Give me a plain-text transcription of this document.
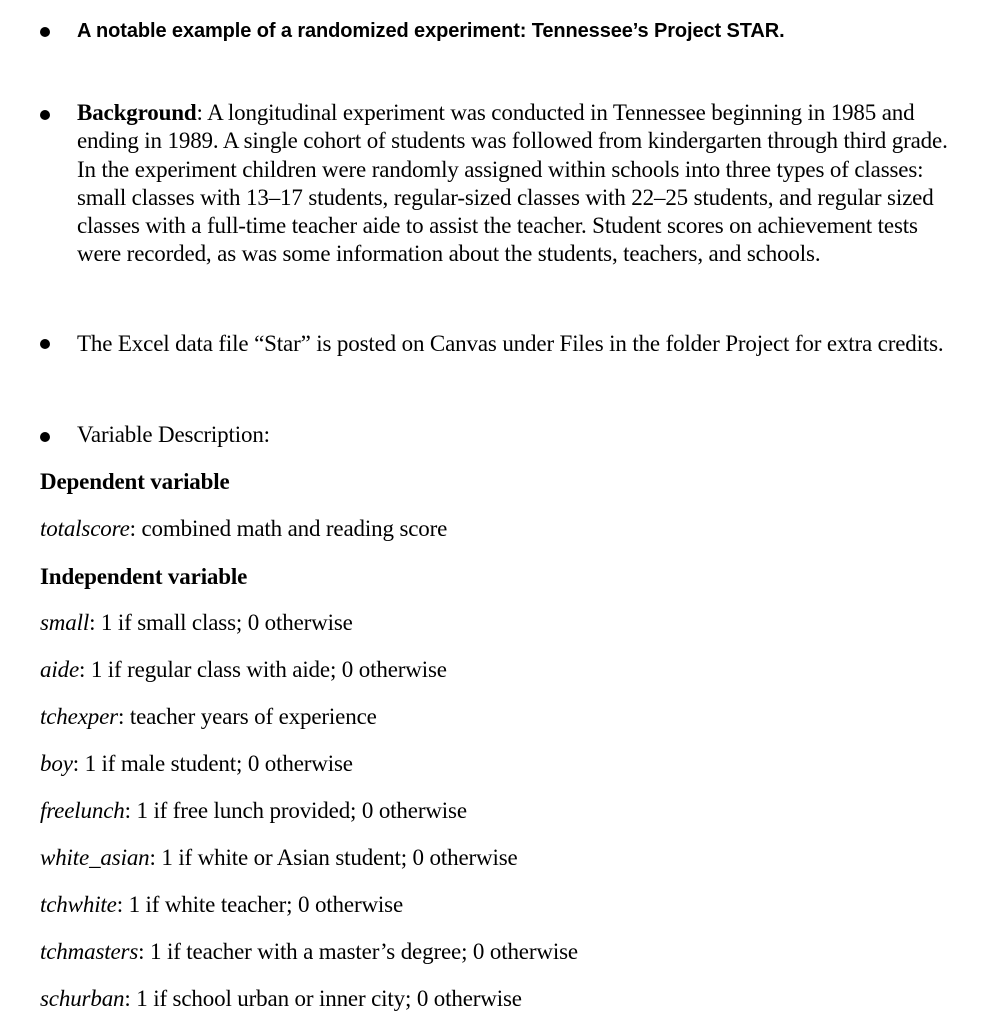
A notable example of a randomized experiment: Tennessee’s Project STAR.

Background: A longitudinal experiment was conducted in Tennessee beginning in 1985 and ending in 1989. A single cohort of students was followed from kindergarten through third grade. In the experiment children were randomly assigned within schools into three types of classes: small classes with 13–17 students, regular-sized classes with 22–25 students, and regular sized classes with a full-time teacher aide to assist the teacher. Student scores on achievement tests were recorded, as was some information about the students, teachers, and schools.

The Excel data file “Star” is posted on Canvas under Files in the folder Project for extra credits.

Variable Description:

Dependent variable

totalscore: combined math and reading score

Independent variable

small: 1 if small class; 0 otherwise

aide: 1 if regular class with aide; 0 otherwise

tchexper: teacher years of experience

boy: 1 if male student; 0 otherwise

freelunch: 1 if free lunch provided; 0 otherwise

white_asian: 1 if white or Asian student; 0 otherwise

tchwhite: 1 if white teacher; 0 otherwise

tchmasters: 1 if teacher with a master’s degree; 0 otherwise

schurban: 1 if school urban or inner city; 0 otherwise
